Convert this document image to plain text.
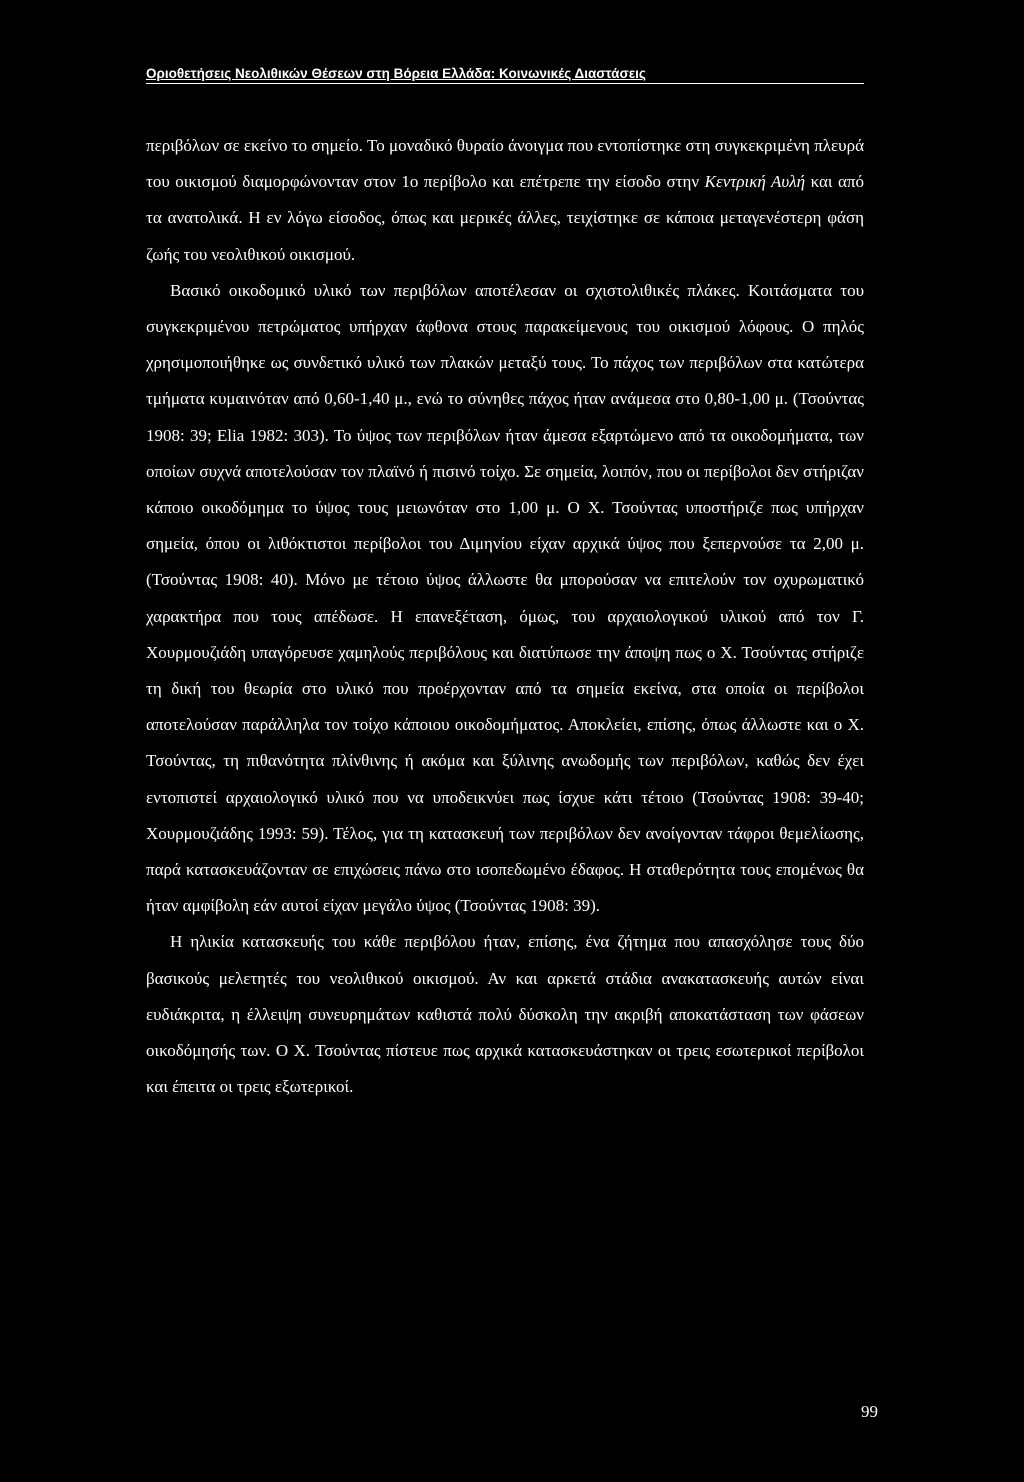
Οριοθετήσεις Νεολιθικών Θέσεων στη Βόρεια Ελλάδα: Κοινωνικές Διαστάσεις

περιβόλων σε εκείνο το σημείο. Το μοναδικό θυραίο άνοιγμα που εντοπίστηκε στη συγκεκριμένη πλευρά του οικισμού διαμορφώνονταν στον 1ο περίβολο και επέτρεπε την είσοδο στην Κεντρική Αυλή και από τα ανατολικά. Η εν λόγω είσοδος, όπως και μερικές άλλες, τειχίστηκε σε κάποια μεταγενέστερη φάση ζωής του νεολιθικού οικισμού.

Βασικό οικοδομικό υλικό των περιβόλων αποτέλεσαν οι σχιστολιθικές πλάκες. Κοιτάσματα του συγκεκριμένου πετρώματος υπήρχαν άφθονα στους παρακείμενους του οικισμού λόφους. Ο πηλός χρησιμοποιήθηκε ως συνδετικό υλικό των πλακών μεταξύ τους. Το πάχος των περιβόλων στα κατώτερα τμήματα κυμαινόταν από 0,60-1,40 μ., ενώ το σύνηθες πάχος ήταν ανάμεσα στο 0,80-1,00 μ. (Τσούντας 1908: 39; Elia 1982: 303). Το ύψος των περιβόλων ήταν άμεσα εξαρτώμενο από τα οικοδομήματα, των οποίων συχνά αποτελούσαν τον πλαϊνό ή πισινό τοίχο. Σε σημεία, λοιπόν, που οι περίβολοι δεν στήριζαν κάποιο οικοδόμημα το ύψος τους μειωνόταν στο 1,00 μ. Ο Χ. Τσούντας υποστήριζε πως υπήρχαν σημεία, όπου οι λιθόκτιστοι περίβολοι του Διμηνίου είχαν αρχικά ύψος που ξεπερνούσε τα 2,00 μ. (Τσούντας 1908: 40). Μόνο με τέτοιο ύψος άλλωστε θα μπορούσαν να επιτελούν τον οχυρωματικό χαρακτήρα που τους απέδωσε. Η επανεξέταση, όμως, του αρχαιολογικού υλικού από τον Γ. Χουρμουζιάδη υπαγόρευσε χαμηλούς περιβόλους και διατύπωσε την άποψη πως ο Χ. Τσούντας στήριζε τη δική του θεωρία στο υλικό που προέρχονταν από τα σημεία εκείνα, στα οποία οι περίβολοι αποτελούσαν παράλληλα τον τοίχο κάποιου οικοδομήματος. Αποκλείει, επίσης, όπως άλλωστε και ο Χ. Τσούντας, τη πιθανότητα πλίνθινης ή ακόμα και ξύλινης ανωδομής των περιβόλων, καθώς δεν έχει εντοπιστεί αρχαιολογικό υλικό που να υποδεικνύει πως ίσχυε κάτι τέτοιο (Τσούντας 1908: 39-40; Χουρμουζιάδης 1993: 59). Τέλος, για τη κατασκευή των περιβόλων δεν ανοίγονταν τάφροι θεμελίωσης, παρά κατασκευάζονταν σε επιχώσεις πάνω στο ισοπεδωμένο έδαφος. Η σταθερότητα τους επομένως θα ήταν αμφίβολη εάν αυτοί είχαν μεγάλο ύψος (Τσούντας 1908: 39).

Η ηλικία κατασκευής του κάθε περιβόλου ήταν, επίσης, ένα ζήτημα που απασχόλησε τους δύο βασικούς μελετητές του νεολιθικού οικισμού. Αν και αρκετά στάδια ανακατασκευής αυτών είναι ευδιάκριτα, η έλλειψη συνευρημάτων καθιστά πολύ δύσκολη την ακριβή αποκατάσταση των φάσεων οικοδόμησής των. Ο Χ. Τσούντας πίστευε πως αρχικά κατασκευάστηκαν οι τρεις εσωτερικοί περίβολοι και έπειτα οι τρεις εξωτερικοί.

99
